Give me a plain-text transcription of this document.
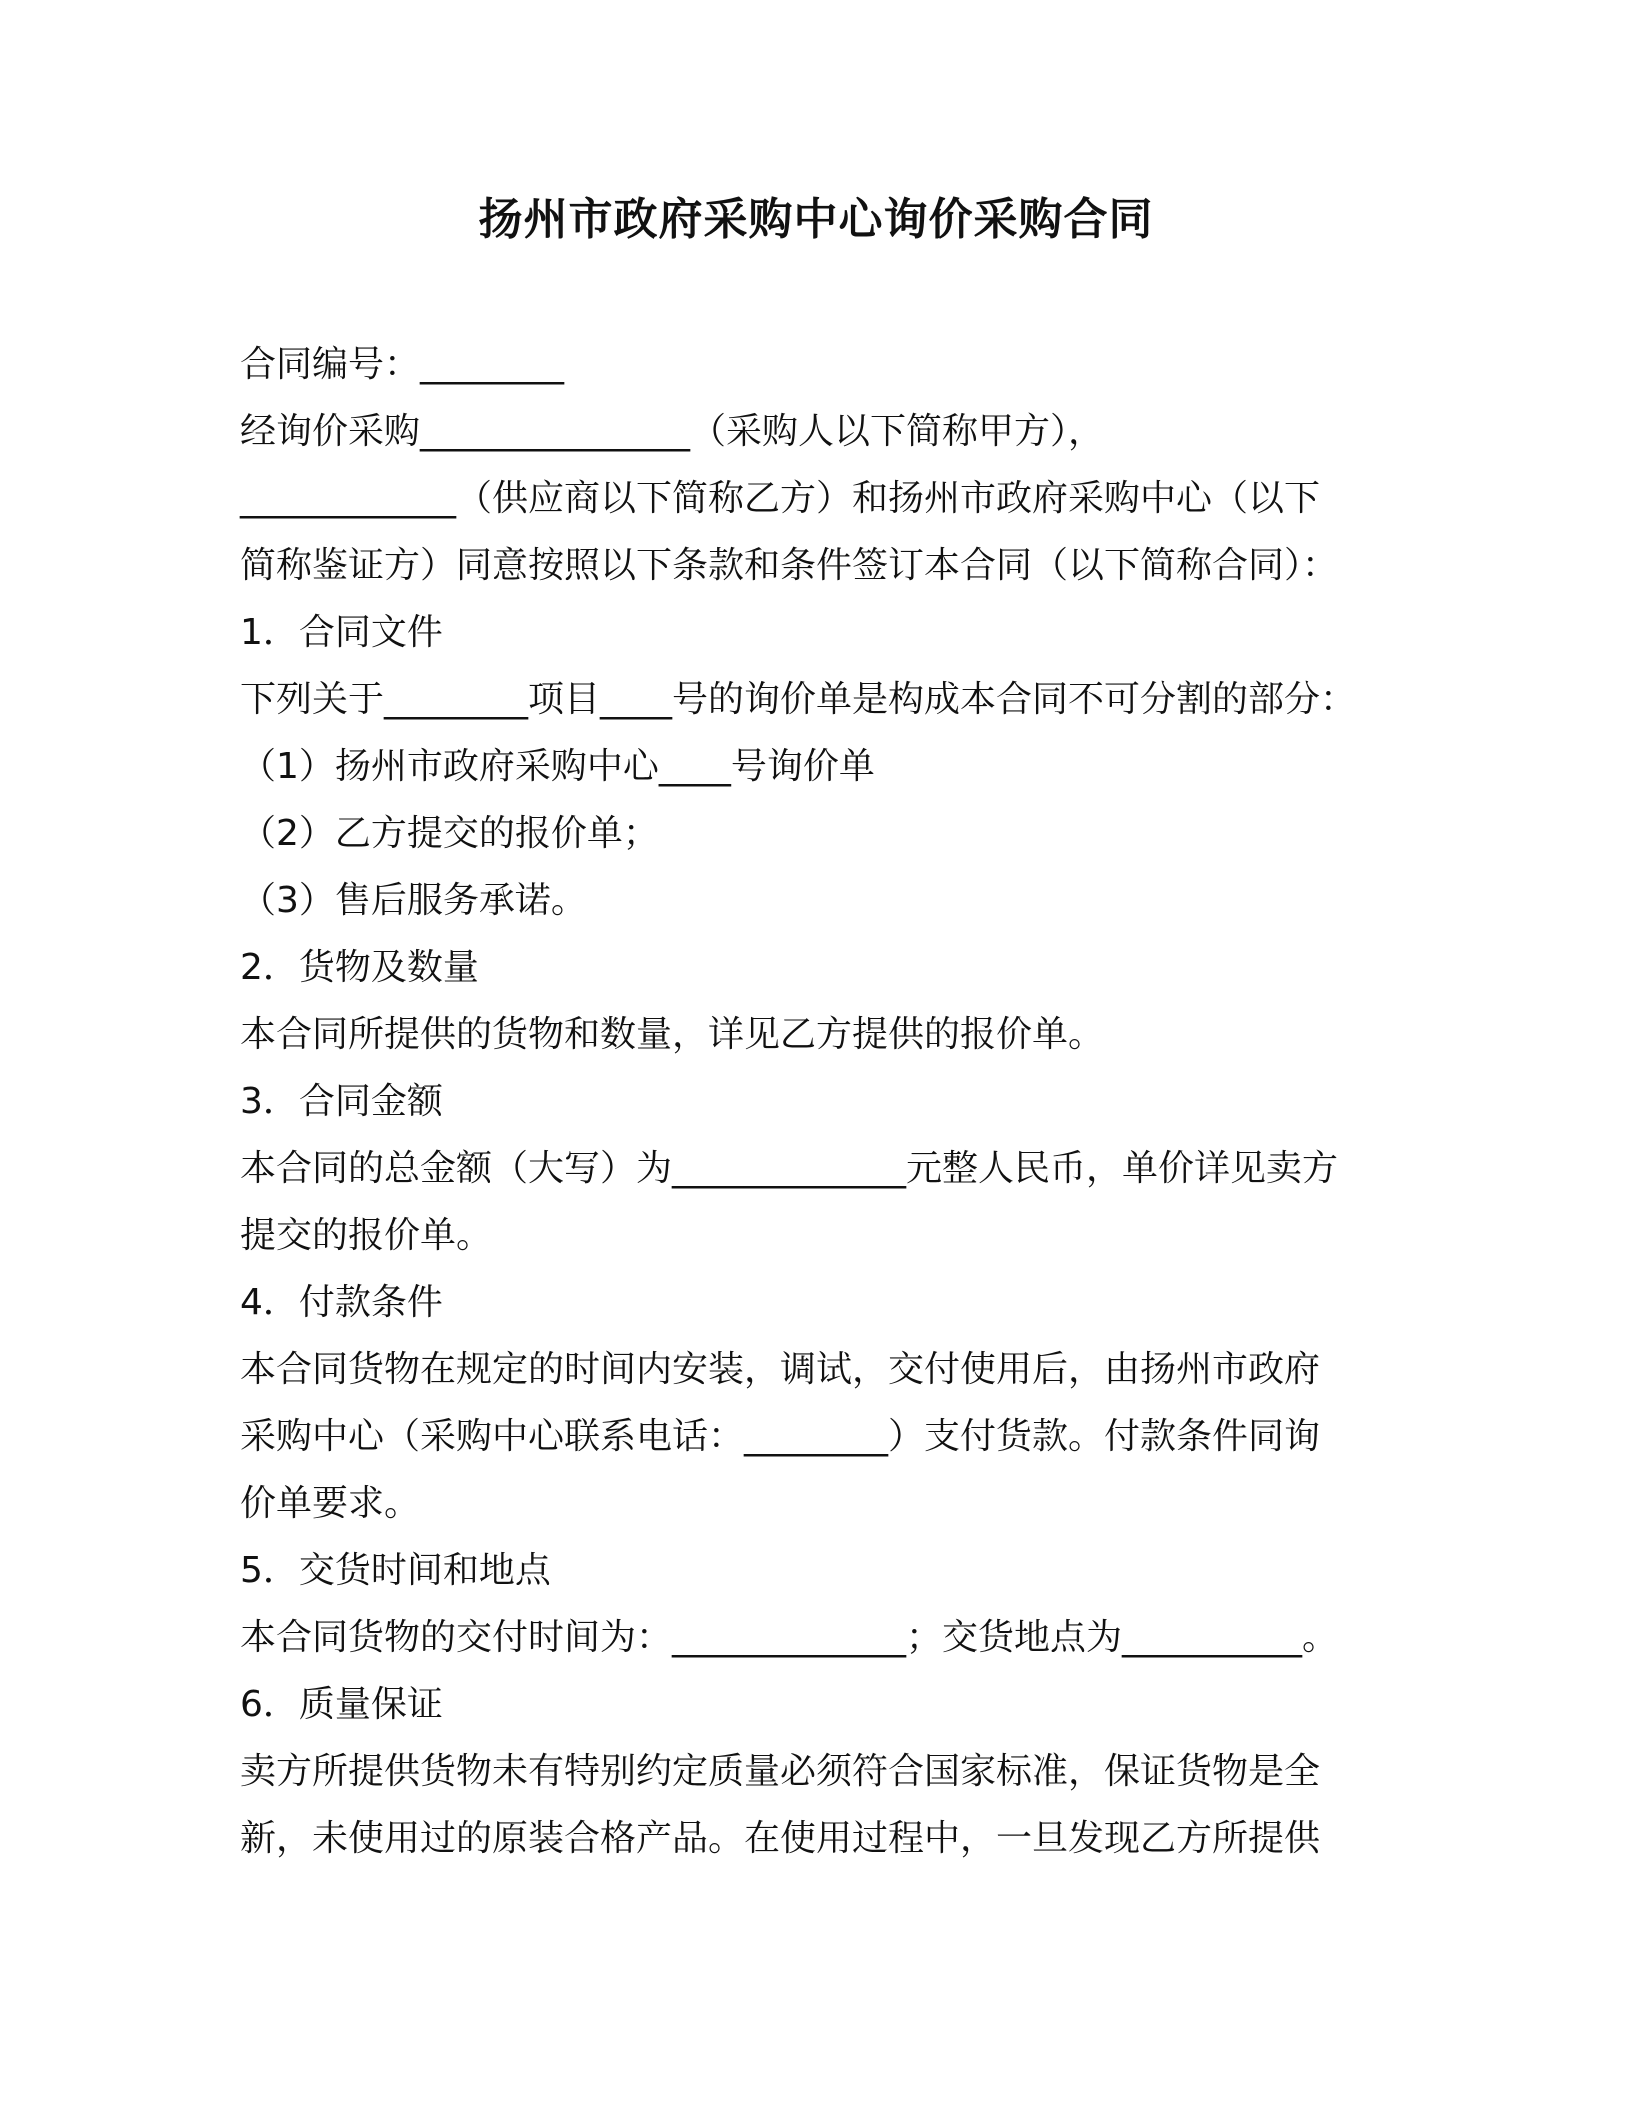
扬州市政府采购中心询价采购合同

合同编号：________

经询价采购_______________（采购人以下简称甲方），

____________（供应商以下简称乙方）和扬州市政府采购中心（以下

简称鉴证方）同意按照以下条款和条件签订本合同（以下简称合同）：

1．合同文件

下列关于________项目____号的询价单是构成本合同不可分割的部分：

（1）扬州市政府采购中心____号询价单

（2）乙方提交的报价单；

（3）售后服务承诺。

2．货物及数量

本合同所提供的货物和数量，详见乙方提供的报价单。

3．合同金额

本合同的总金额（大写）为_____________元整人民币，单价详见卖方

提交的报价单。

4．付款条件

本合同货物在规定的时间内安装，调试，交付使用后，由扬州市政府

采购中心（采购中心联系电话：________）支付货款。付款条件同询

价单要求。

5．交货时间和地点

本合同货物的交付时间为：_____________；交货地点为__________。

6．质量保证

卖方所提供货物未有特别约定质量必须符合国家标准，保证货物是全

新，未使用过的原装合格产品。在使用过程中，一旦发现乙方所提供
